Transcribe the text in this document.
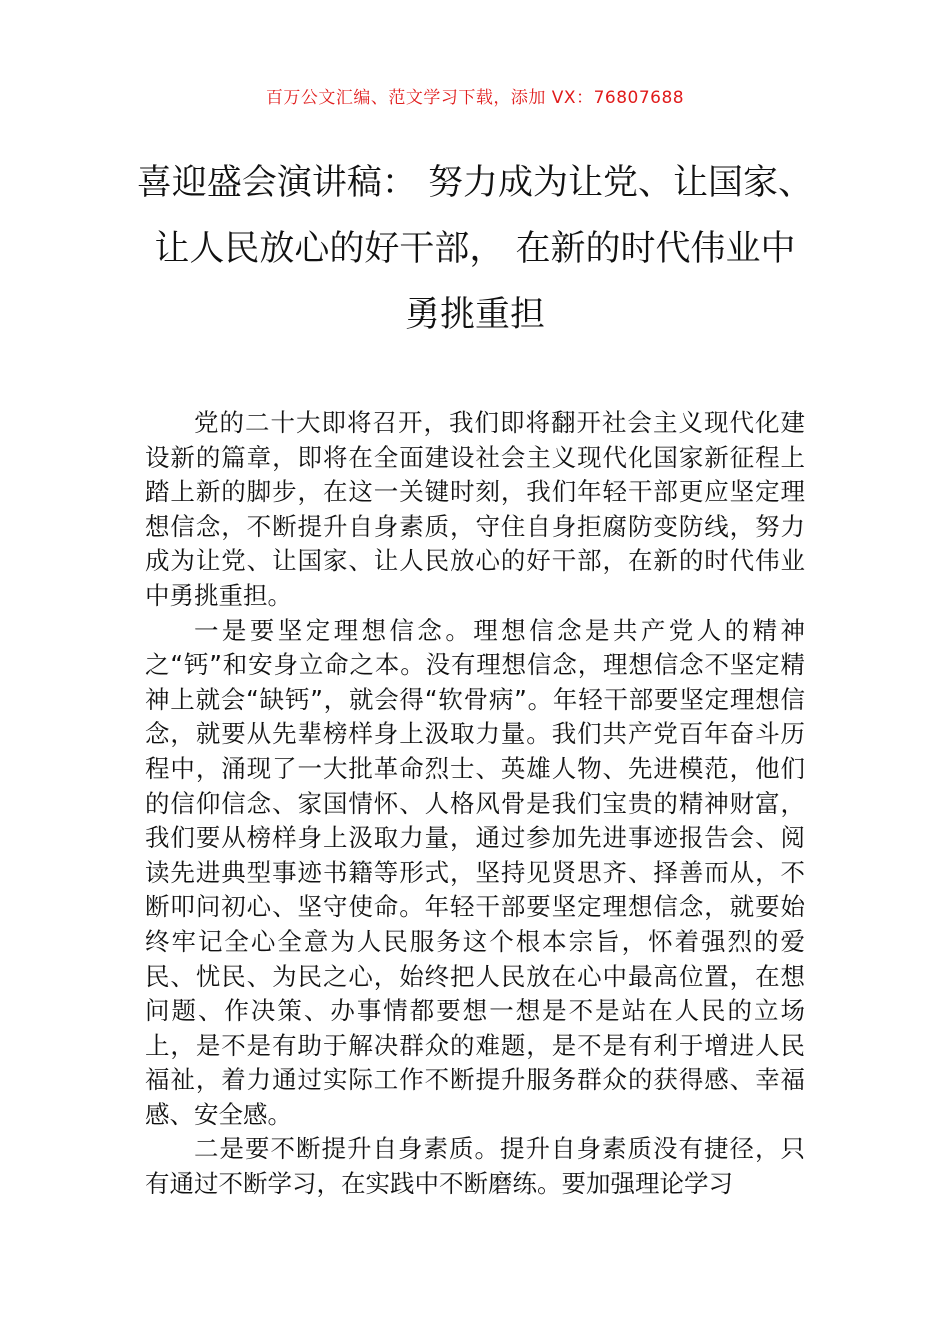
百万公文汇编、范文学习下载，添加 VX：76807688
喜迎盛会演讲稿： 努力成为让党、让国家、
让人民放心的好干部， 在新的时代伟业中
勇挑重担

党的二十大即将召开，我们即将翻开社会主义现代化建设新的篇章，即将在全面建设社会主义现代化国家新征程上踏上新的脚步，在这一关键时刻，我们年轻干部更应坚定理想信念，不断提升自身素质，守住自身拒腐防变防线，努力成为让党、让国家、让人民放心的好干部，在新的时代伟业中勇挑重担。

一是要坚定理想信念。理想信念是共产党人的精神之“钙”和安身立命之本。没有理想信念，理想信念不坚定精神上就会“缺钙”，就会得“软骨病”。年轻干部要坚定理想信念，就要从先辈榜样身上汲取力量。我们共产党百年奋斗历程中，涌现了一大批革命烈士、英雄人物、先进模范，他们的信仰信念、家国情怀、人格风骨是我们宝贵的精神财富，我们要从榜样身上汲取力量，通过参加先进事迹报告会、阅读先进典型事迹书籍等形式，坚持见贤思齐、择善而从，不断叩问初心、坚守使命。年轻干部要坚定理想信念，就要始终牢记全心全意为人民服务这个根本宗旨，怀着强烈的爱民、忧民、为民之心，始终把人民放在心中最高位置，在想问题、作决策、办事情都要想一想是不是站在人民的立场上，是不是有助于解决群众的难题，是不是有利于增进人民福祉，着力通过实际工作不断提升服务群众的获得感、幸福感、安全感。

二是要不断提升自身素质。提升自身素质没有捷径，只有通过不断学习，在实践中不断磨练。要加强理论学习
